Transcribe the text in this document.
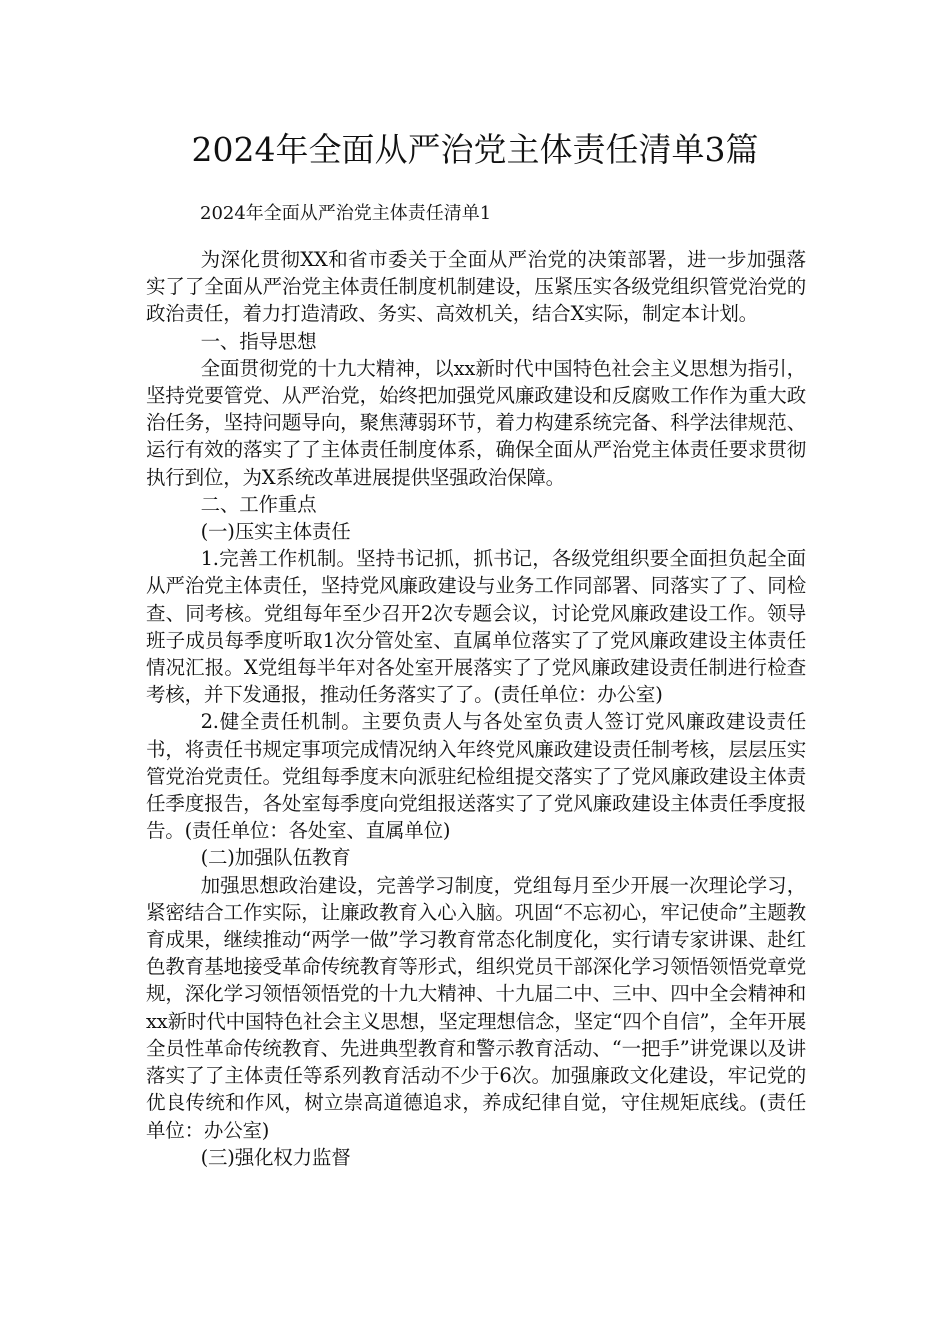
2024年全面从严治党主体责任清单3篇
2024年全面从严治党主体责任清单1

为深化贯彻XX和省市委关于全面从严治党的决策部署，进一步加强落实了了全面从严治党主体责任制度机制建设，压紧压实各级党组织管党治党的政治责任，着力打造清政、务实、高效机关，结合X实际，制定本计划。

一、指导思想

全面贯彻党的十九大精神，以xx新时代中国特色社会主义思想为指引，坚持党要管党、从严治党，始终把加强党风廉政建设和反腐败工作作为重大政治任务，坚持问题导向，聚焦薄弱环节，着力构建系统完备、科学法律规范、运行有效的落实了了主体责任制度体系，确保全面从严治党主体责任要求贯彻执行到位，为X系统改革进展提供坚强政治保障。

二、工作重点

(一)压实主体责任

1.完善工作机制。坚持书记抓，抓书记，各级党组织要全面担负起全面从严治党主体责任，坚持党风廉政建设与业务工作同部署、同落实了了、同检查、同考核。党组每年至少召开2次专题会议，讨论党风廉政建设工作。领导班子成员每季度听取1次分管处室、直属单位落实了了党风廉政建设主体责任情况汇报。X党组每半年对各处室开展落实了了党风廉政建设责任制进行检查考核，并下发通报，推动任务落实了了。(责任单位：办公室)

2.健全责任机制。主要负责人与各处室负责人签订党风廉政建设责任书，将责任书规定事项完成情况纳入年终党风廉政建设责任制考核，层层压实管党治党责任。党组每季度末向派驻纪检组提交落实了了党风廉政建设主体责任季度报告，各处室每季度向党组报送落实了了党风廉政建设主体责任季度报告。(责任单位：各处室、直属单位)

(二)加强队伍教育

加强思想政治建设，完善学习制度，党组每月至少开展一次理论学习，紧密结合工作实际，让廉政教育入心入脑。巩固“不忘初心，牢记使命”主题教育成果，继续推动“两学一做”学习教育常态化制度化，实行请专家讲课、赴红色教育基地接受革命传统教育等形式，组织党员干部深化学习领悟领悟党章党规，深化学习领悟领悟党的十九大精神、十九届二中、三中、四中全会精神和xx新时代中国特色社会主义思想，坚定理想信念，坚定“四个自信”，全年开展全员性革命传统教育、先进典型教育和警示教育活动、“一把手”讲党课以及讲落实了了主体责任等系列教育活动不少于6次。加强廉政文化建设，牢记党的优良传统和作风，树立崇高道德追求，养成纪律自觉，守住规矩底线。(责任单位：办公室)

(三)强化权力监督
